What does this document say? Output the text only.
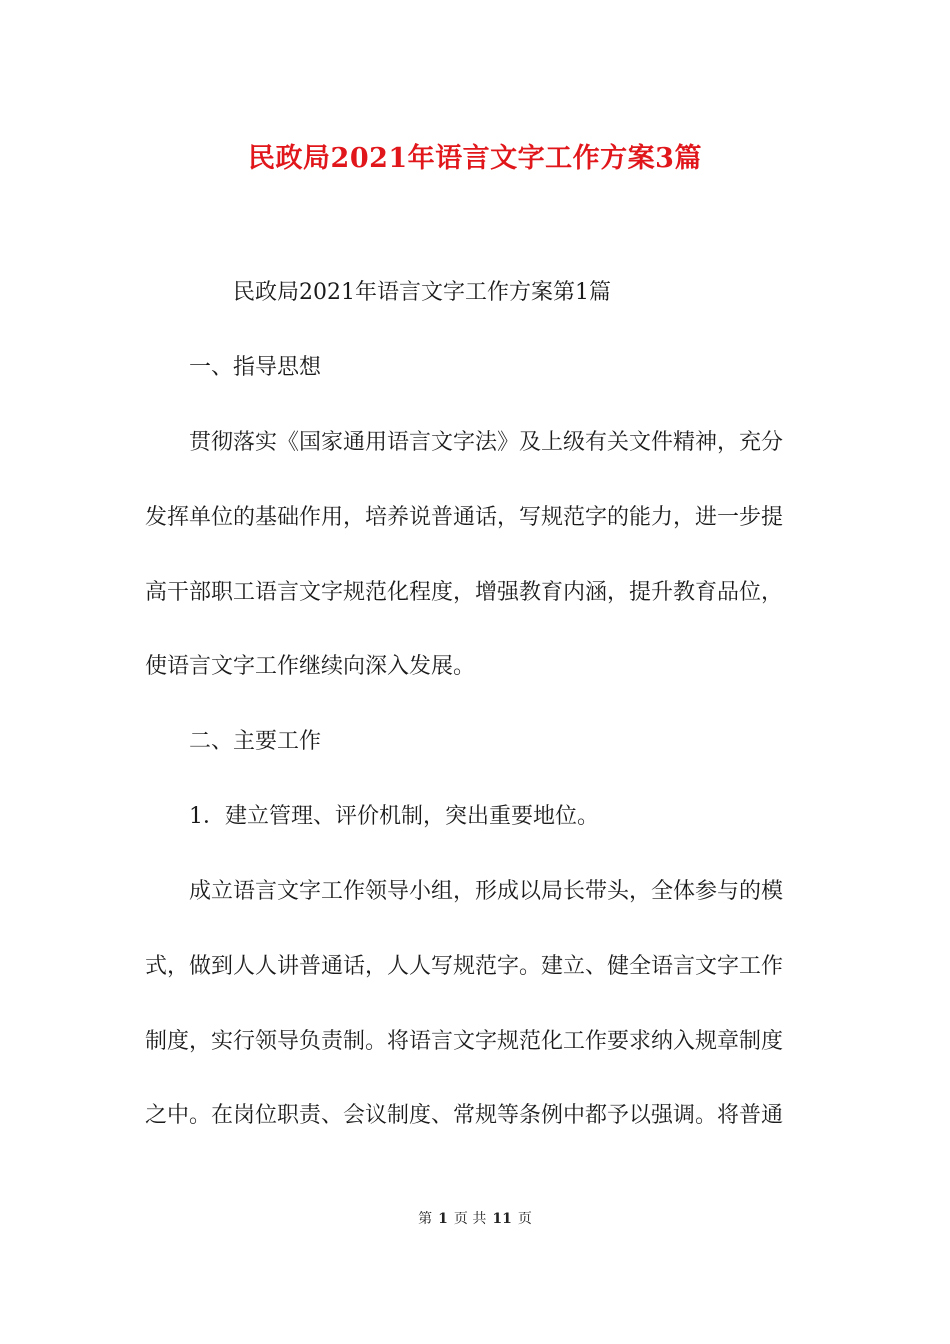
民政局2021年语言文字工作方案3篇

民政局2021年语言文字工作方案第1篇

一、指导思想

贯彻落实《国家通用语言文字法》及上级有关文件精神，充分

发挥单位的基础作用，培养说普通话，写规范字的能力，进一步提

高干部职工语言文字规范化程度，增强教育内涵，提升教育品位，

使语言文字工作继续向深入发展。

二、主要工作

1．建立管理、评价机制，突出重要地位。

成立语言文字工作领导小组，形成以局长带头，全体参与的模

式，做到人人讲普通话，人人写规范字。建立、健全语言文字工作

制度，实行领导负责制。将语言文字规范化工作要求纳入规章制度

之中。在岗位职责、会议制度、常规等条例中都予以强调。将普通

第 1 页 共 11 页
